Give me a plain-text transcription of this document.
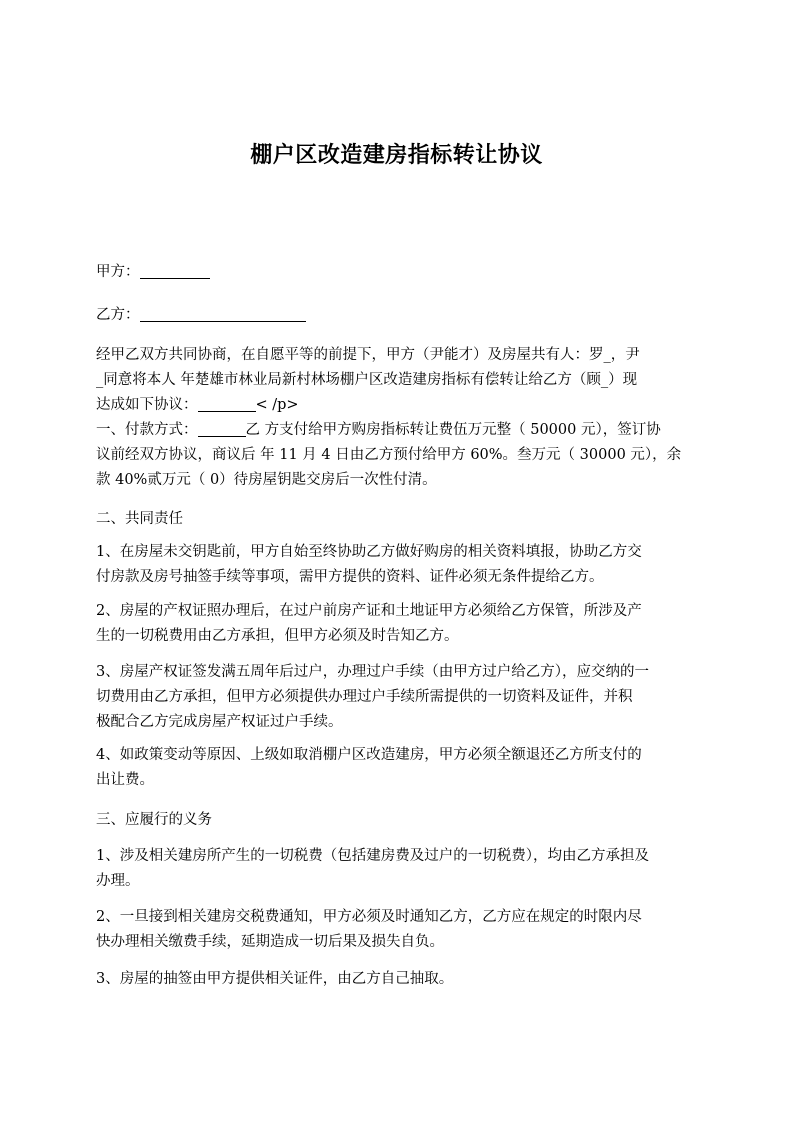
棚户区改造建房指标转让协议
甲方：
乙方：
经甲乙双方共同协商，在自愿平等的前提下，甲方（尹能才）及房屋共有人：罗_，尹
_同意将本人 年楚雄市林业局新村林场棚户区改造建房指标有偿转让给乙方（顾_）现
达成如下协议：	< /p>
一、付款方式：	乙 方支付给甲方购房指标转让费伍万元整（ 50000 元），签订协
议前经双方协议，商议后 年 11 月 4 日由乙方预付给甲方 60%。叁万元（ 30000 元），余
款 40%贰万元（ 0）待房屋钥匙交房后一次性付清。
二、共同责任
1、在房屋未交钥匙前，甲方自始至终协助乙方做好购房的相关资料填报，协助乙方交
付房款及房号抽签手续等事项，需甲方提供的资料、证件必须无条件提给乙方。
2、房屋的产权证照办理后，在过户前房产证和土地证甲方必须给乙方保管，所涉及产
生的一切税费用由乙方承担，但甲方必须及时告知乙方。
3、房屋产权证签发满五周年后过户，办理过户手续（由甲方过户给乙方），应交纳的一
切费用由乙方承担，但甲方必须提供办理过户手续所需提供的一切资料及证件，并积
极配合乙方完成房屋产权证过户手续。
4、如政策变动等原因、上级如取消棚户区改造建房，甲方必须全额退还乙方所支付的
出让费。
三、应履行的义务
1、涉及相关建房所产生的一切税费（包括建房费及过户的一切税费），均由乙方承担及
办理。
2、一旦接到相关建房交税费通知，甲方必须及时通知乙方，乙方应在规定的时限内尽
快办理相关缴费手续，延期造成一切后果及损失自负。
3、房屋的抽签由甲方提供相关证件，由乙方自己抽取。
